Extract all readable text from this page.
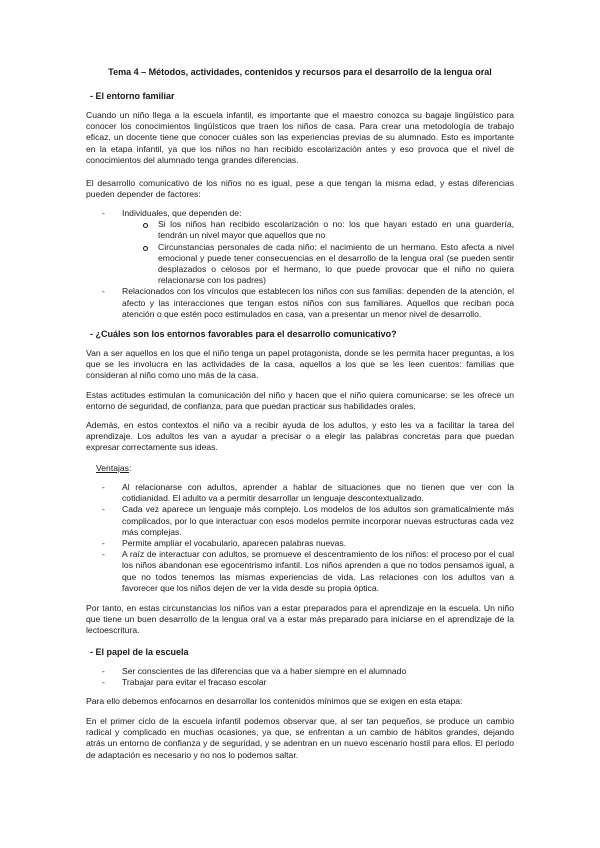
Tema 4 – Métodos, actividades, contenidos y recursos para el desarrollo de la lengua oral
- El entorno familiar
Cuando un niño llega a la escuela infantil, es importante que el maestro conozca su bagaje lingüístico para conocer los conocimientos lingüísticos que traen los niños de casa. Para crear una metodología de trabajo eficaz, un docente tiene que conocer cuáles son las experiencias previas de su alumnado. Esto es importante en la etapa infantil, ya que los niños no han recibido escolarización antes y eso provoca que el nivel de conocimientos del alumnado tenga grandes diferencias.
El desarrollo comunicativo de los niños no es igual, pese a que tengan la misma edad, y estas diferencias pueden depender de factores:
- Individuales, que dependen de:
Si los niños han recibido escolarización o no: los que hayan estado en una guardería, tendrán un nivel mayor que aquellos que no
Circunstancias personales de cada niño: el nacimiento de un hermano. Esto afecta a nivel emocional y puede tener consecuencias en el desarrollo de la lengua oral (se pueden sentir desplazados o celosos por el hermano, lo que puede provocar que el niño no quiera relacionarse con los padres)
- Relacionados con los vínculos que establecen los niños con sus familias: dependen de la atención, el afecto y las interacciones que tengan estos niños con sus familiares. Aquellos que reciban poca atención o que estén poco estimulados en casa, van a presentar un menor nivel de desarrollo.
- ¿Cuáles son los entornos favorables para el desarrollo comunicativo?
Van a ser aquellos en los que el niño tenga un papel protagonista, donde se les permita hacer preguntas, a los que se les involucra en las actividades de la casa, aquellos a los que se les leen cuentos: familias que consideran al niño como uno más de la casa.
Estas actitudes estimulan la comunicación del niño y hacen que el niño quiera comunicarse: se les ofrece un entorno de seguridad, de confianza, para que puedan practicar sus habilidades orales.
Además, en estos contextos el niño va a recibir ayuda de los adultos, y esto les va a facilitar la tarea del aprendizaje. Los adultos les van a ayudar a precisar o a elegir las palabras concretas para que puedan expresar correctamente sus ideas.
Ventajas:
- Al relacionarse con adultos, aprender a hablar de situaciones que no tienen que ver con la cotidianidad. El adulto va a permitir desarrollar un lenguaje descontextualizado.
- Cada vez aparece un lenguaje más complejo. Los modelos de los adultos son gramaticalmente más complicados, por lo que interactuar con esos modelos permite incorporar nuevas estructuras cada vez más complejas.
- Permite ampliar el vocabulario, aparecen palabras nuevas.
- A raíz de interactuar con adultos, se promueve el descentramiento de los niños: el proceso por el cual los niños abandonan ese egocentrismo infantil. Los niños aprenden a que no todos pensamos igual, a que no todos tenemos las mismas experiencias de vida. Las relaciones con los adultos van a favorecer que los niños dejen de ver la vida desde su propia óptica.
Por tanto, en estas circunstancias los niños van a estar preparados para el aprendizaje en la escuela. Un niño que tiene un buen desarrollo de la lengua oral va a estar más preparado para iniciarse en el aprendizaje de la lectoescritura.
- El papel de la escuela
- Ser conscientes de las diferencias que va a haber siempre en el alumnado
- Trabajar para evitar el fracaso escolar
Para ello debemos enfocarnos en desarrollar los contenidos mínimos que se exigen en esta etapa:
En el primer ciclo de la escuela infantil podemos observar que, al ser tan pequeños, se produce un cambio radical y complicado en muchas ocasiones, ya que, se enfrentan a un cambio de hábitos grandes, dejando atrás un entorno de confianza y de seguridad, y se adentran en un nuevo escenario hostil para ellos. El periodo de adaptación es necesario y no nos lo podemos saltar.
